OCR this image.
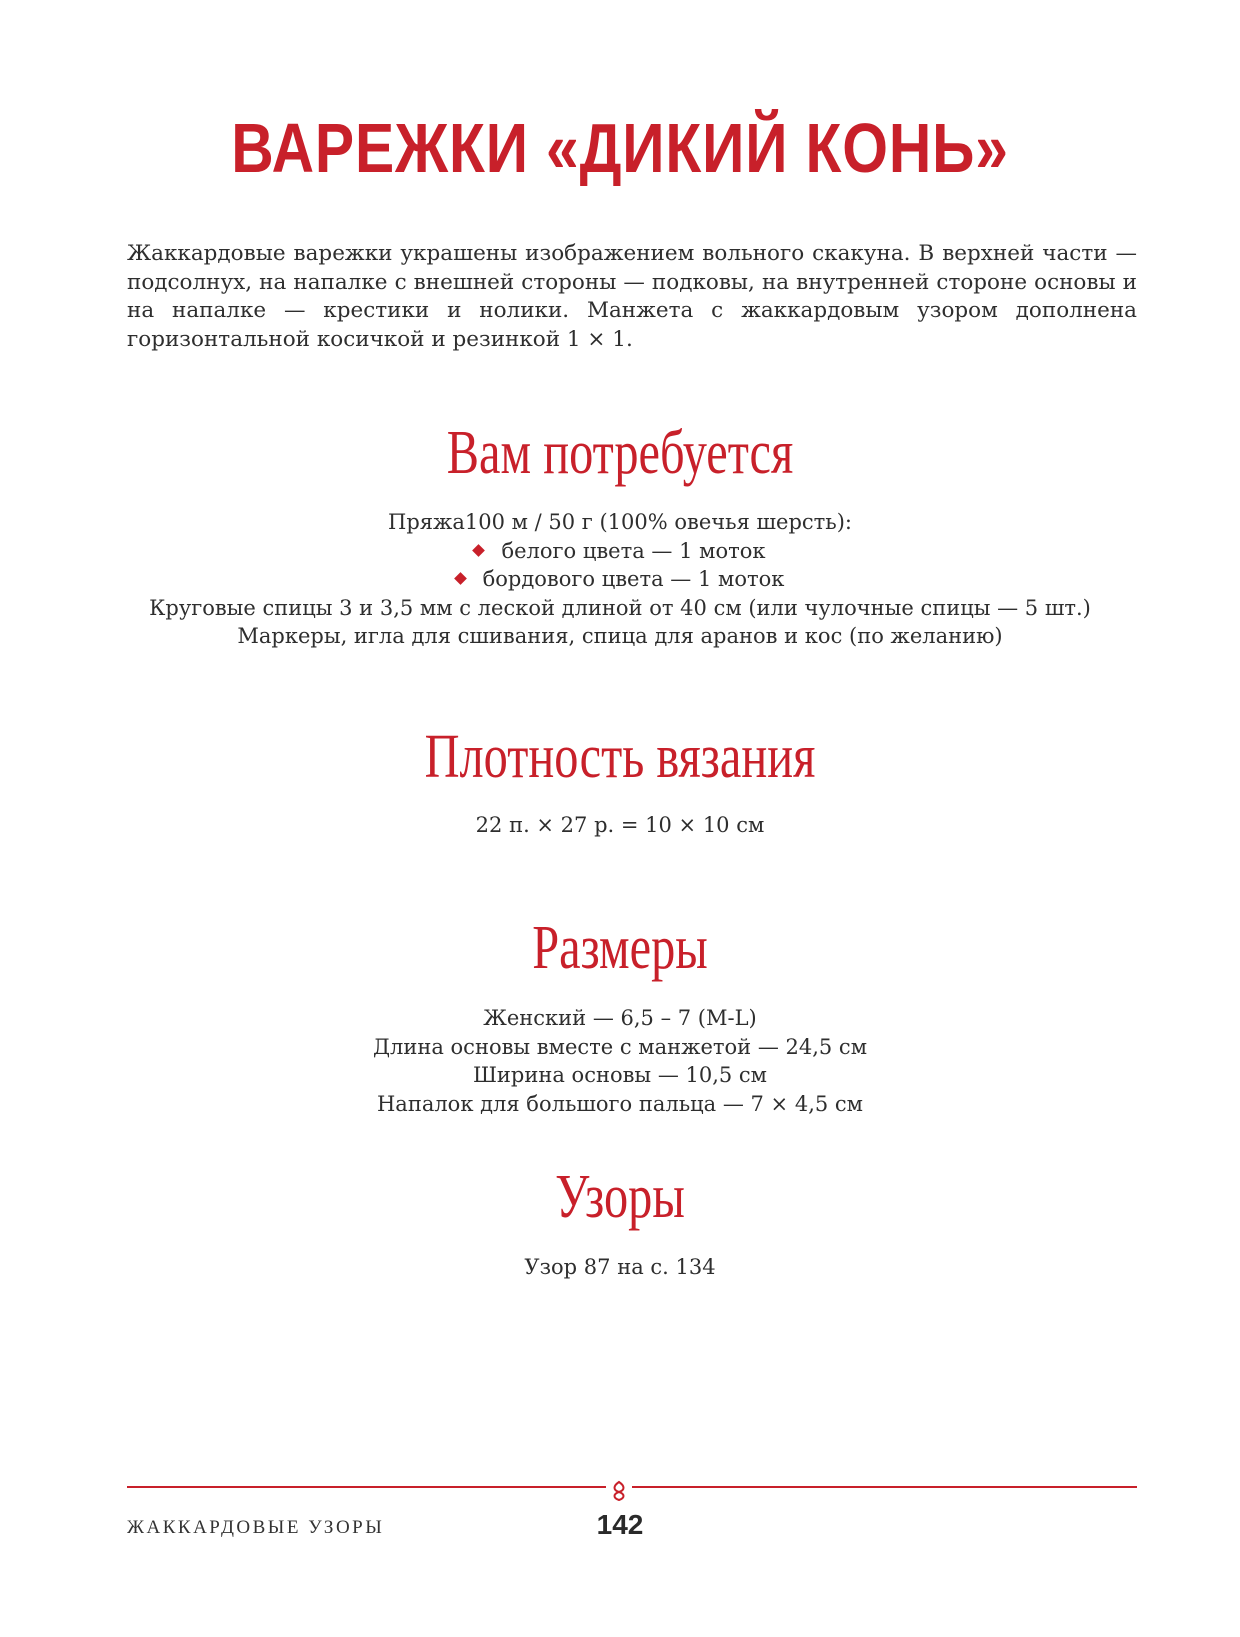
ВАРЕЖКИ «ДИКИЙ КОНЬ»

Жаккардовые варежки украшены изображением вольного скакуна. В верхней части — подсолнух, на напалке с внешней стороны — подковы, на внутренней стороне основы и на напалке — крестики и нолики. Манжета с жаккардовым узором дополнена горизонтальной косичкой и резинкой 1 × 1.

Вам потребуется
Пряжа100 м / 50 г (100% овечья шерсть):
белого цвета — 1 моток
бордового цвета — 1 моток
Круговые спицы 3 и 3,5 мм с леской длиной от 40 см (или чулочные спицы — 5 шт.)
Маркеры, игла для сшивания, спица для аранов и кос (по желанию)
Плотность вязания
22 п. × 27 р. = 10 × 10 см
Размеры
Женский — 6,5 – 7 (M-L)
Длина основы вместе с манжетой — 24,5 см
Ширина основы — 10,5 см
Напалок для большого пальца — 7 × 4,5 см
Узоры
Узор 87 на с. 134
ЖАККАРДОВЫЕ УЗОРЫ	142
